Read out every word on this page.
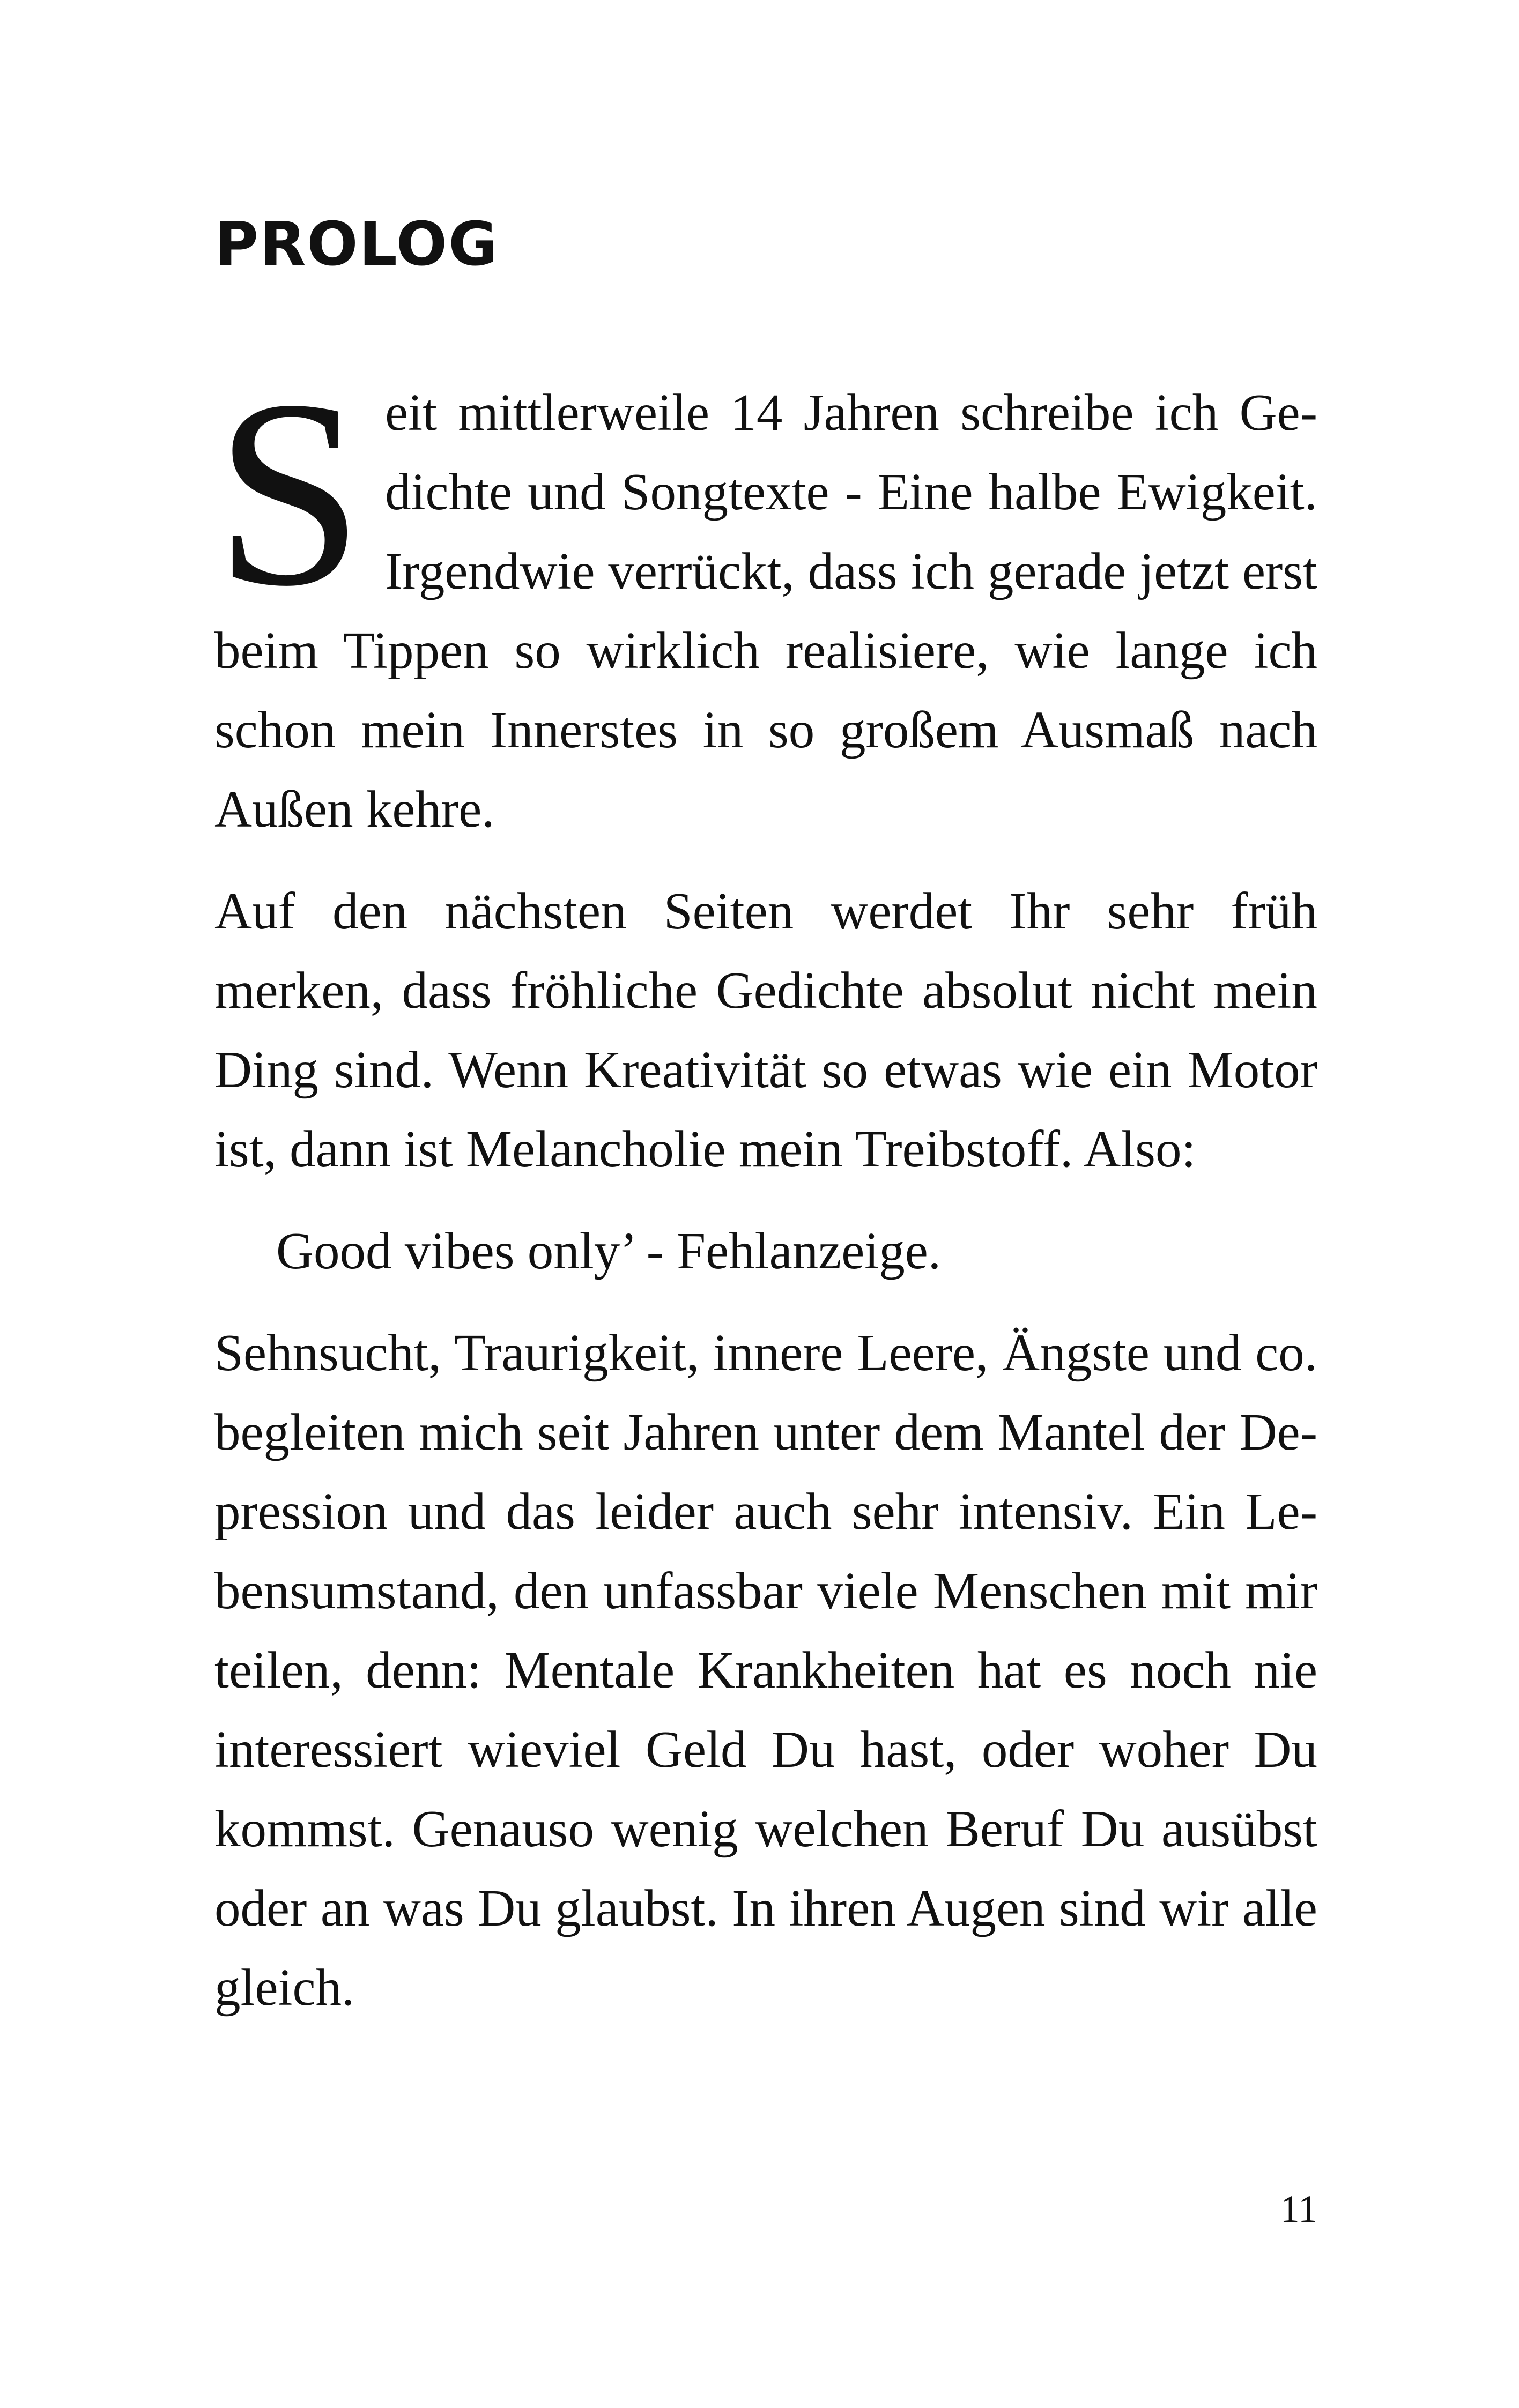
PROLOG

Seit mittlerweile 14 Jahren schreibe ich Gedichte und Songtexte - Eine halbe Ewigkeit. Irgendwie verrückt, dass ich gerade jetzt erst beim Tippen so wirklich realisiere, wie lange ich schon mein Innerstes in so großem Ausmaß nach Außen kehre.

Auf den nächsten Seiten werdet Ihr sehr früh merken, dass fröhliche Gedichte absolut nicht mein Ding sind. Wenn Kreativität so etwas wie ein Motor ist, dann ist Melancholie mein Treibstoff. Also:

Good vibes only’ - Fehlanzeige.

Sehnsucht, Traurigkeit, innere Leere, Ängste und co. begleiten mich seit Jahren unter dem Mantel der Depression und das leider auch sehr intensiv. Ein Lebensumstand, den unfassbar viele Menschen mit mir teilen, denn: Mentale Krankheiten hat es noch nie interessiert wieviel Geld Du hast, oder woher Du kommst. Genauso wenig welchen Beruf Du ausübst oder an was Du glaubst. In ihren Augen sind wir alle gleich.

11
